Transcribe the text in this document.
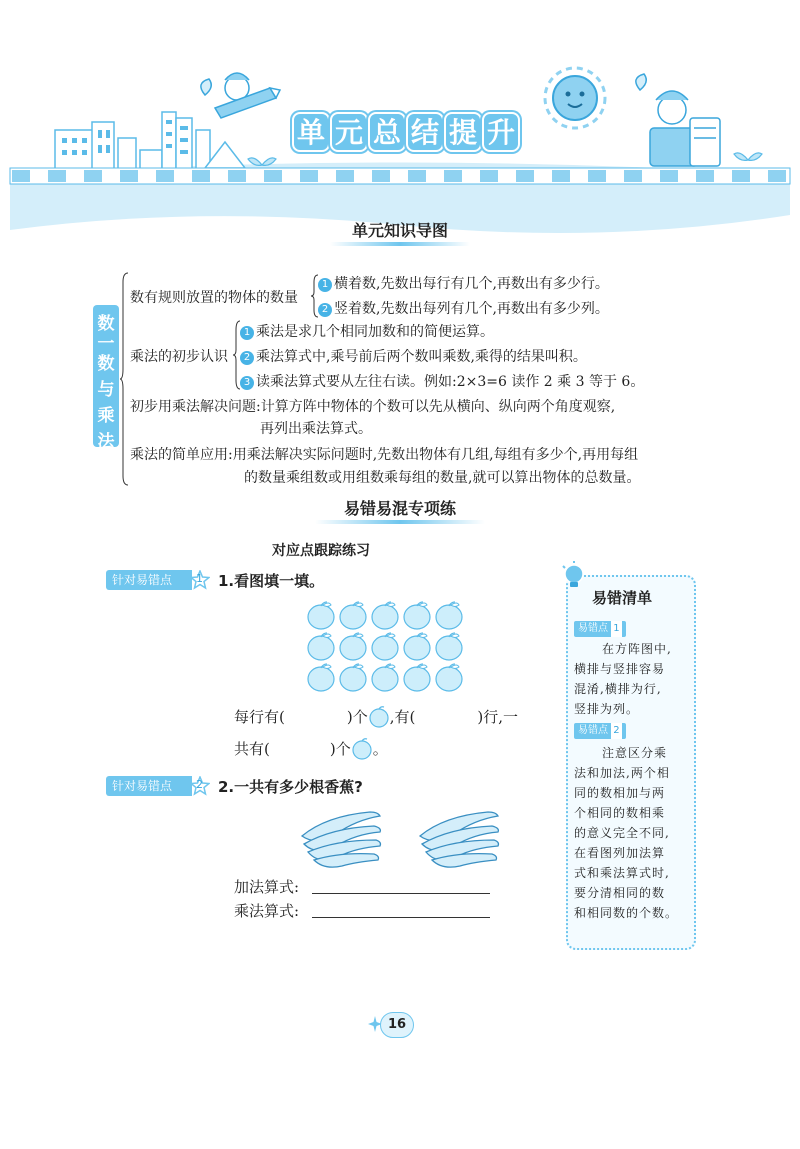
单 元 总 结 提 升
单元知识导图
数
一
数
与
乘
法
数有规则放置的物体的数量
1 横着数,先数出每行有几个,再数出有多少行。
2 竖着数,先数出每列有几个,再数出有多少列。
乘法的初步认识
1 乘法是求几个相同加数和的简便运算。
2 乘法算式中,乘号前后两个数叫乘数,乘得的结果叫积。
3 读乘法算式要从左往右读。例如:2×3=6 读作 2 乘 3 等于 6。
初步用乘法解决问题:计算方阵中物体的个数可以先从横向、纵向两个角度观察,
再列出乘法算式。
乘法的简单应用:用乘法解决实际问题时,先数出物体有几组,每组有多少个,再用每组
的数量乘组数或用组数乘每组的数量,就可以算出物体的总数量。
易错易混专项练
对应点跟踪练习
针对易错点	1 1.看图填一填。
每行有(	)个 ,有(	)行,一
共有(	)个 。
针对易错点	2 2.一共有多少根香蕉?
加法算式:
乘法算式:
易错清单
易错点 1
在方阵图中,
横排与竖排容易
混淆,横排为行,
竖排为列。
易错点 2
注意区分乘
法和加法,两个相
同的数相加与两
个相同的数相乘
的意义完全不同,
在看图列加法算
式和乘法算式时,
要分清相同的数
和相同数的个数。
16
